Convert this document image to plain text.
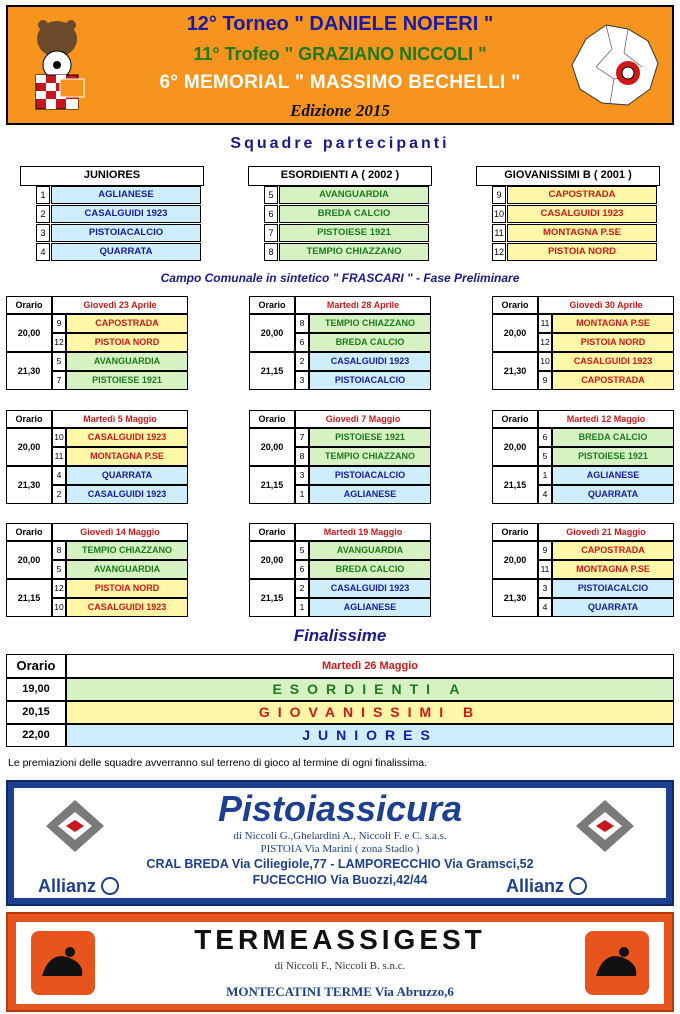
12° Torneo " DANIELE NOFERI "
11° Trofeo " GRAZIANO NICCOLI "
6° MEMORIAL " MASSIMO BECHELLI "
Edizione 2015
Squadre partecipanti
JUNIORES
1	AGLIANESE
2	CASALGUIDI 1923
3	PISTOIACALCIO
4	QUARRATA
ESORDIENTI A ( 2002 )
5	AVANGUARDIA
6	BREDA CALCIO
7	PISTOIESE 1921
8	TEMPIO CHIAZZANO
GIOVANISSIMI B ( 2001 )
9	CAPOSTRADA
10	CASALGUIDI 1923
11	MONTAGNA P.SE
12	PISTOIA NORD
Campo Comunale in sintetico " FRASCARI " - Fase Preliminare
Orario	Giovedì 23 Aprile
20,00
9	CAPOSTRADA
12	PISTOIA NORD
21,30
5	AVANGUARDIA
7	PISTOIESE 1921
Orario	Martedì 28 Aprile
20,00
8	TEMPIO CHIAZZANO
6	BREDA CALCIO
21,15
2	CASALGUIDI 1923
3	PISTOIACALCIO
Orario	Giovedì 30 Aprile
20,00
11	MONTAGNA P.SE
12	PISTOIA NORD
21,30
10	CASALGUIDI 1923
9	CAPOSTRADA
Orario	Martedì 5 Maggio
20,00
10	CASALGUIDI 1923
11	MONTAGNA P.SE
21,30
4	QUARRATA
2	CASALGUIDI 1923
Orario	Giovedì 7 Maggio
20,00
7	PISTOIESE 1921
8	TEMPIO CHIAZZANO
21,15
3	PISTOIACALCIO
1	AGLIANESE
Orario	Martedì 12 Maggio
20,00
6	BREDA CALCIO
5	PISTOIESE 1921
21,15
1	AGLIANESE
4	QUARRATA
Orario	Giovedì 14 Maggio
20,00
8	TEMPIO CHIAZZANO
5	AVANGUARDIA
21,15
12	PISTOIA NORD
10	CASALGUIDI 1923
Orario	Martedì 19 Maggio
20,00
5	AVANGUARDIA
6	BREDA CALCIO
21,15
2	CASALGUIDI 1923
1	AGLIANESE
Orario	Giovedì 21 Maggio
20,00
9	CAPOSTRADA
11	MONTAGNA P.SE
21,30
3	PISTOIACALCIO
4	QUARRATA
Finalissime
Orario	Martedì 26 Maggio
19,00	ESORDIENTI A
20,15	GIOVANISSIMI B
22,00	JUNIORES
Le premiazioni delle squadre avverranno sul terreno di gioco al termine di ogni finalissima.
Pistoiassicura
di Niccoli G.,Ghelardini A., Niccoli F. e C. s.a.s.
PISTOIA Via Marini ( zona Stadio )
CRAL BREDA Via Ciliegiole,77 - LAMPORECCHIO Via Gramsci,52
FUCECCHIO Via Buozzi,42/44
Allianz	Allianz
TERMEASSIGEST
di Niccoli F., Niccoli B. s.n.c.
MONTECATINI TERME Via Abruzzo,6
